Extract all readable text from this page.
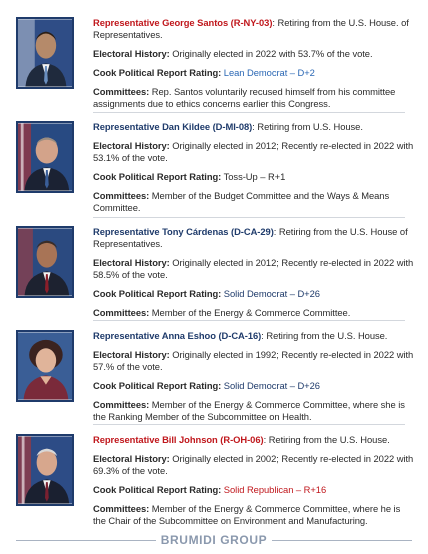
Representative George Santos (R-NY-03): Retiring from the U.S. House. of Representatives.

Electoral History: Originally elected in 2022 with 53.7% of the vote.

Cook Political Report Rating: Lean Democrat – D+2

Committees: Rep. Santos voluntarily recused himself from his committee assignments due to ethics concerns earlier this Congress.

Representative Dan Kildee (D-MI-08): Retiring from U.S. House.

Electoral History: Originally elected in 2012; Recently re-elected in 2022 with 53.1% of the vote.

Cook Political Report Rating: Toss-Up – R+1

Committees: Member of the Budget Committee and the Ways & Means Committee.

Representative Tony Cárdenas (D-CA-29): Retiring from the U.S. House of Representatives.

Electoral History: Originally elected in 2012; Recently re-elected in 2022 with 58.5% of the vote.

Cook Political Report Rating: Solid Democrat – D+26

Committees: Member of the Energy & Commerce Committee.

Representative Anna Eshoo (D-CA-16): Retiring from the U.S. House.

Electoral History: Originally elected in 1992; Recently re-elected in 2022 with 57.% of the vote.

Cook Political Report Rating: Solid Democrat – D+26

Committees: Member of the Energy & Commerce Committee, where she is the Ranking Member of the Subcommittee on Health.

Representative Bill Johnson (R-OH-06): Retiring from the U.S. House.

Electoral History: Originally elected in 2002; Recently re-elected in 2022 with 69.3% of the vote.

Cook Political Report Rating: Solid Republican – R+16

Committees: Member of the Energy & Commerce Committee, where he is the Chair of the Subcommittee on Environment and Manufacturing.

BRUMIDI GROUP
